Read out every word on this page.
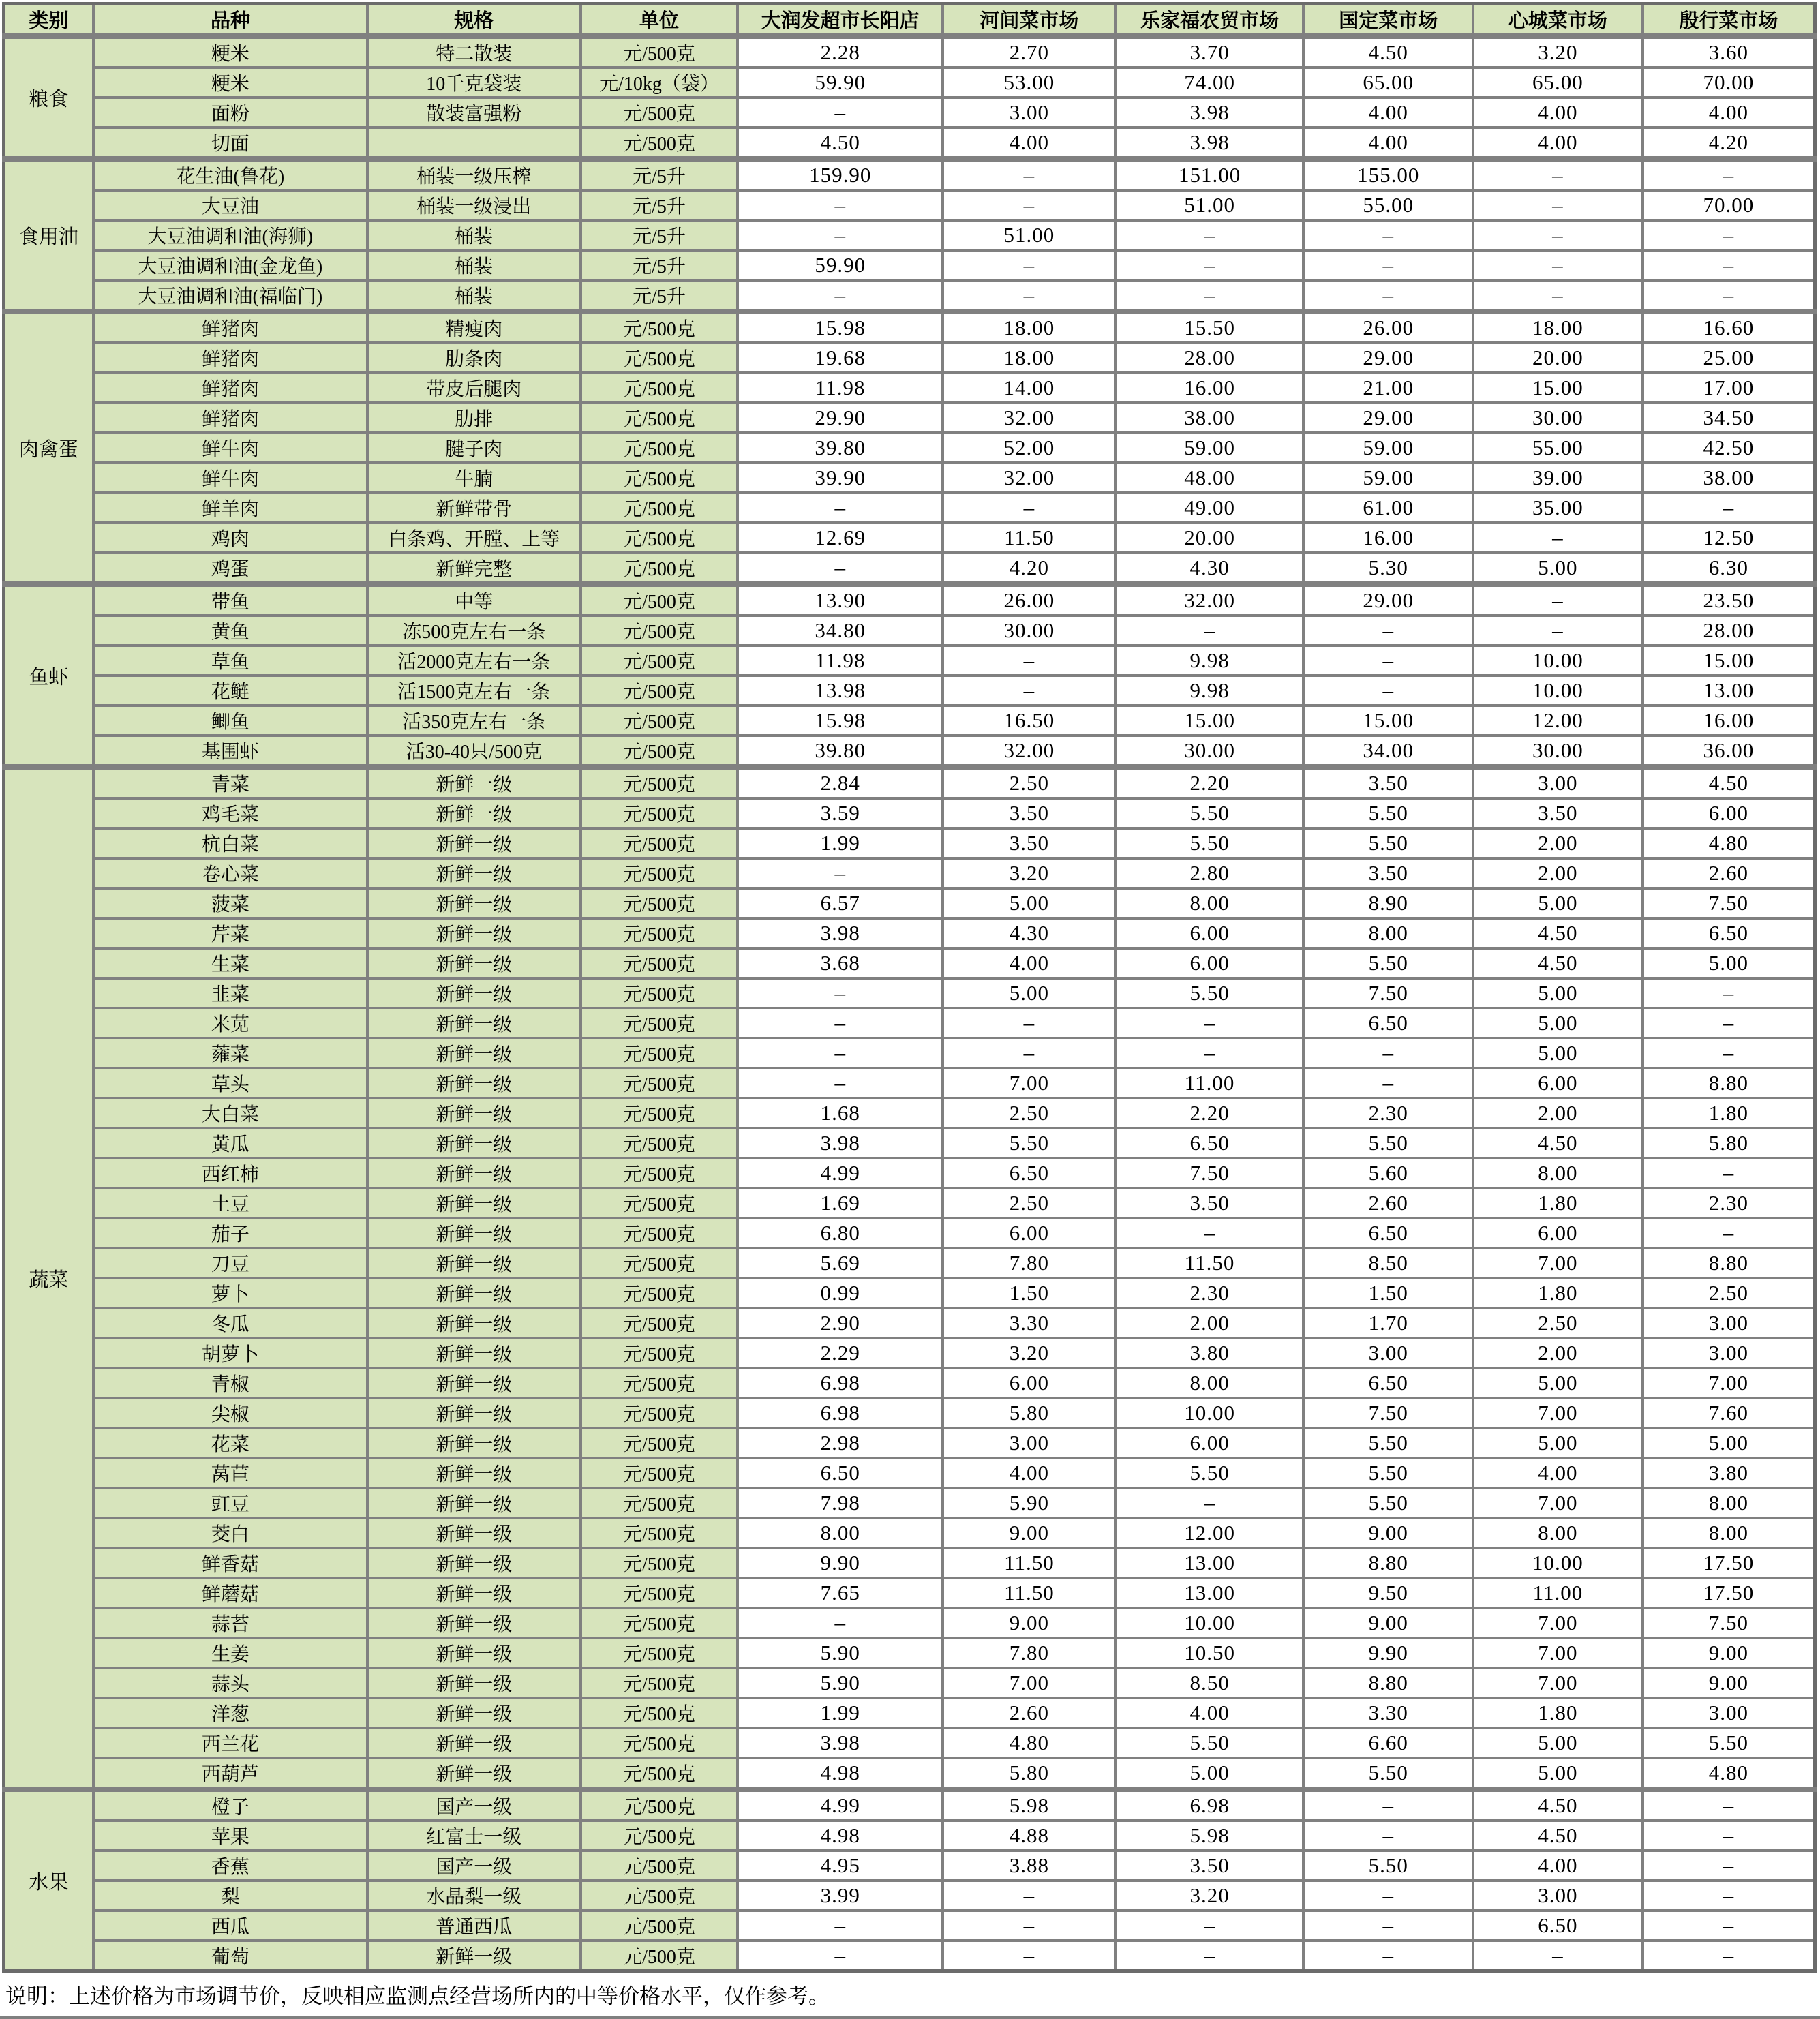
类别	品种	规格	单位	大润发超市长阳店	河间菜市场	乐家福农贸市场	国定菜市场	心城菜市场	殷行菜市场
粮食	粳米	特二散装	元/500克	2.28	2.70	3.70	4.50	3.20	3.60
	粳米	10千克袋装	元/10kg（袋）	59.90	53.00	74.00	65.00	65.00	70.00
	面粉	散装富强粉	元/500克	–	3.00	3.98	4.00	4.00	4.00
	切面		元/500克	4.50	4.00	3.98	4.00	4.00	4.20
食用油	花生油(鲁花)	桶装一级压榨	元/5升	159.90	–	151.00	155.00	–	–
	大豆油	桶装一级浸出	元/5升	–	–	51.00	55.00	–	70.00
	大豆油调和油(海狮)	桶装	元/5升	–	51.00	–	–	–	–
	大豆油调和油(金龙鱼)	桶装	元/5升	59.90	–	–	–	–	–
	大豆油调和油(福临门)	桶装	元/5升	–	–	–	–	–	–
肉禽蛋	鲜猪肉	精瘦肉	元/500克	15.98	18.00	15.50	26.00	18.00	16.60
	鲜猪肉	肋条肉	元/500克	19.68	18.00	28.00	29.00	20.00	25.00
	鲜猪肉	带皮后腿肉	元/500克	11.98	14.00	16.00	21.00	15.00	17.00
	鲜猪肉	肋排	元/500克	29.90	32.00	38.00	29.00	30.00	34.50
	鲜牛肉	腱子肉	元/500克	39.80	52.00	59.00	59.00	55.00	42.50
	鲜牛肉	牛腩	元/500克	39.90	32.00	48.00	59.00	39.00	38.00
	鲜羊肉	新鲜带骨	元/500克	–	–	49.00	61.00	35.00	–
	鸡肉	白条鸡、开膛、上等	元/500克	12.69	11.50	20.00	16.00	–	12.50
	鸡蛋	新鲜完整	元/500克	–	4.20	4.30	5.30	5.00	6.30
鱼虾	带鱼	中等	元/500克	13.90	26.00	32.00	29.00	–	23.50
	黄鱼	冻500克左右一条	元/500克	34.80	30.00	–	–	–	28.00
	草鱼	活2000克左右一条	元/500克	11.98	–	9.98	–	10.00	15.00
	花鲢	活1500克左右一条	元/500克	13.98	–	9.98	–	10.00	13.00
	鲫鱼	活350克左右一条	元/500克	15.98	16.50	15.00	15.00	12.00	16.00
	基围虾	活30-40只/500克	元/500克	39.80	32.00	30.00	34.00	30.00	36.00
蔬菜	青菜	新鲜一级	元/500克	2.84	2.50	2.20	3.50	3.00	4.50
	鸡毛菜	新鲜一级	元/500克	3.59	3.50	5.50	5.50	3.50	6.00
	杭白菜	新鲜一级	元/500克	1.99	3.50	5.50	5.50	2.00	4.80
	卷心菜	新鲜一级	元/500克	–	3.20	2.80	3.50	2.00	2.60
	菠菜	新鲜一级	元/500克	6.57	5.00	8.00	8.90	5.00	7.50
	芹菜	新鲜一级	元/500克	3.98	4.30	6.00	8.00	4.50	6.50
	生菜	新鲜一级	元/500克	3.68	4.00	6.00	5.50	4.50	5.00
	韭菜	新鲜一级	元/500克	–	5.00	5.50	7.50	5.00	–
	米苋	新鲜一级	元/500克	–	–	–	6.50	5.00	–
	蕹菜	新鲜一级	元/500克	–	–	–	–	5.00	–
	草头	新鲜一级	元/500克	–	7.00	11.00	–	6.00	8.80
	大白菜	新鲜一级	元/500克	1.68	2.50	2.20	2.30	2.00	1.80
	黄瓜	新鲜一级	元/500克	3.98	5.50	6.50	5.50	4.50	5.80
	西红柿	新鲜一级	元/500克	4.99	6.50	7.50	5.60	8.00	–
	土豆	新鲜一级	元/500克	1.69	2.50	3.50	2.60	1.80	2.30
	茄子	新鲜一级	元/500克	6.80	6.00	–	6.50	6.00	–
	刀豆	新鲜一级	元/500克	5.69	7.80	11.50	8.50	7.00	8.80
	萝卜	新鲜一级	元/500克	0.99	1.50	2.30	1.50	1.80	2.50
	冬瓜	新鲜一级	元/500克	2.90	3.30	2.00	1.70	2.50	3.00
	胡萝卜	新鲜一级	元/500克	2.29	3.20	3.80	3.00	2.00	3.00
	青椒	新鲜一级	元/500克	6.98	6.00	8.00	6.50	5.00	7.00
	尖椒	新鲜一级	元/500克	6.98	5.80	10.00	7.50	7.00	7.60
	花菜	新鲜一级	元/500克	2.98	3.00	6.00	5.50	5.00	5.00
	莴苣	新鲜一级	元/500克	6.50	4.00	5.50	5.50	4.00	3.80
	豇豆	新鲜一级	元/500克	7.98	5.90	–	5.50	7.00	8.00
	茭白	新鲜一级	元/500克	8.00	9.00	12.00	9.00	8.00	8.00
	鲜香菇	新鲜一级	元/500克	9.90	11.50	13.00	8.80	10.00	17.50
	鲜蘑菇	新鲜一级	元/500克	7.65	11.50	13.00	9.50	11.00	17.50
	蒜苔	新鲜一级	元/500克	–	9.00	10.00	9.00	7.00	7.50
	生姜	新鲜一级	元/500克	5.90	7.80	10.50	9.90	7.00	9.00
	蒜头	新鲜一级	元/500克	5.90	7.00	8.50	8.80	7.00	9.00
	洋葱	新鲜一级	元/500克	1.99	2.60	4.00	3.30	1.80	3.00
	西兰花	新鲜一级	元/500克	3.98	4.80	5.50	6.60	5.00	5.50
	西葫芦	新鲜一级	元/500克	4.98	5.80	5.00	5.50	5.00	4.80
水果	橙子	国产一级	元/500克	4.99	5.98	6.98	–	4.50	–
	苹果	红富士一级	元/500克	4.98	4.88	5.98	–	4.50	–
	香蕉	国产一级	元/500克	4.95	3.88	3.50	5.50	4.00	–
	梨	水晶梨一级	元/500克	3.99	–	3.20	–	3.00	–
	西瓜	普通西瓜	元/500克	–	–	–	–	6.50	–
	葡萄	新鲜一级	元/500克	–	–	–	–	–	–
说明：上述价格为市场调节价，反映相应监测点经营场所内的中等价格水平，仅作参考。
